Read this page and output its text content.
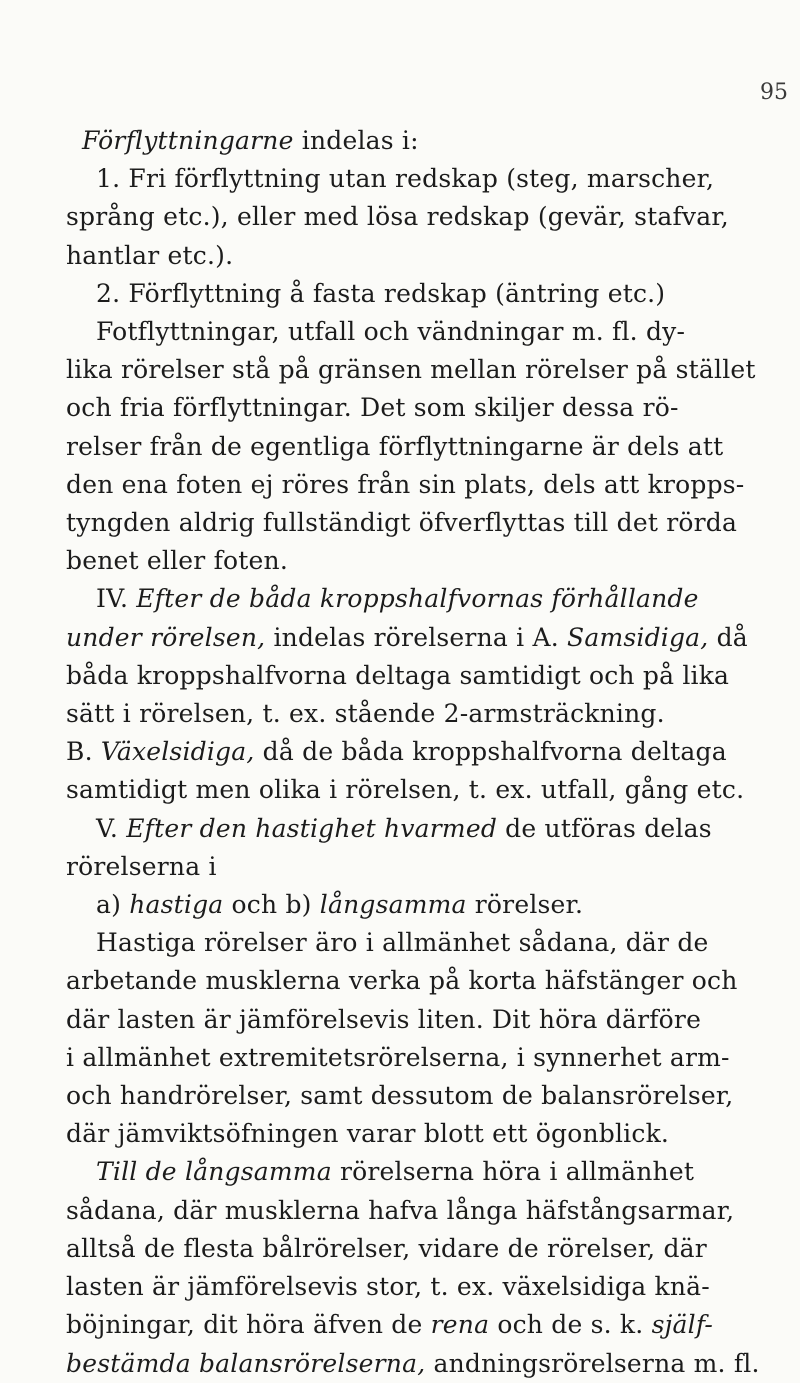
95
Förflyttningarne indelas i:
1. Fri förflyttning utan redskap (steg, marscher,
språng etc.), eller med lösa redskap (gevär, stafvar,
hantlar etc.).
2. Förflyttning å fasta redskap (äntring etc.)
Fotflyttningar, utfall och vändningar m. fl. dy-
lika rörelser stå på gränsen mellan rörelser på stället
och fria förflyttningar. Det som skiljer dessa rö-
relser från de egentliga förflyttningarne är dels att
den ena foten ej röres från sin plats, dels att kropps-
tyngden aldrig fullständigt öfverflyttas till det rörda
benet eller foten.
IV. Efter de båda kroppshalfvornas förhållande
under rörelsen, indelas rörelserna i A. Samsidiga, då
båda kroppshalfvorna deltaga samtidigt och på lika
sätt i rörelsen, t. ex. stående 2-armsträckning.
B. Växelsidiga, då de båda kroppshalfvorna deltaga
samtidigt men olika i rörelsen, t. ex. utfall, gång etc.
V. Efter den hastighet hvarmed de utföras delas
rörelserna i
a) hastiga och b) långsamma rörelser.
Hastiga rörelser äro i allmänhet sådana, där de
arbetande musklerna verka på korta häfstänger och
där lasten är jämförelsevis liten. Dit höra därföre
i allmänhet extremitetsrörelserna, i synnerhet arm-
och handrörelser, samt dessutom de balansrörelser,
där jämviktsöfningen varar blott ett ögonblick.
Till de långsamma rörelserna höra i allmänhet
sådana, där musklerna hafva långa häfstångsarmar,
alltså de flesta bålrörelser, vidare de rörelser, där
lasten är jämförelsevis stor, t. ex. växelsidiga knä-
böjningar, dit höra äfven de rena och de s. k. själf-
bestämda balansrörelserna, andningsrörelserna m. fl.
